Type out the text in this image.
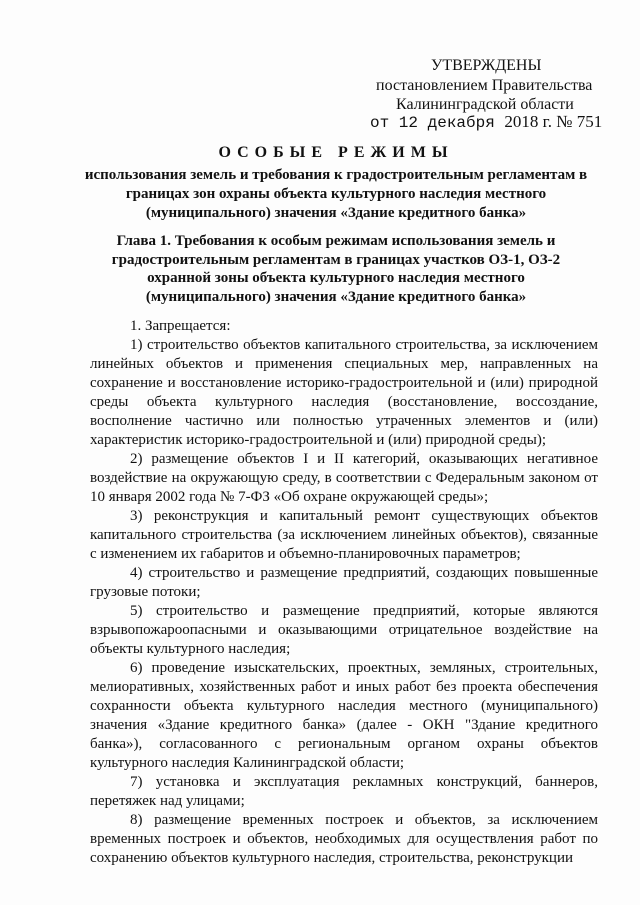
УТВЕРЖДЕНЫ
постановлением Правительства
Калининградской области
от 12 декабря 2018 г. № 751

ОСОБЫЕ РЕЖИМЫ

использования земель и требования к градостроительным регламентам в границах зон охраны объекта культурного наследия местного (муниципального) значения «Здание кредитного банка»

Глава 1. Требования к особым режимам использования земель и градостроительным регламентам в границах участков ОЗ-1, ОЗ-2 охранной зоны объекта культурного наследия местного (муниципального) значения «Здание кредитного банка»

1. Запрещается:

1) строительство объектов капитального строительства, за исключением линейных объектов и применения специальных мер, направленных на сохранение и восстановление историко-градостроительной и (или) природной среды объекта культурного наследия (восстановление, воссоздание, восполнение частично или полностью утраченных элементов и (или) характеристик историко-градостроительной и (или) природной среды);

2) размещение объектов I и II категорий, оказывающих негативное воздействие на окружающую среду, в соответствии с Федеральным законом от 10 января 2002 года № 7-ФЗ «Об охране окружающей среды»;

3) реконструкция и капитальный ремонт существующих объектов капитального строительства (за исключением линейных объектов), связанные с изменением их габаритов и объемно-планировочных параметров;

4) строительство и размещение предприятий, создающих повышенные грузовые потоки;

5) строительство и размещение предприятий, которые являются взрывопожароопасными и оказывающими отрицательное воздействие на объекты культурного наследия;

6) проведение изыскательских, проектных, земляных, строительных, мелиоративных, хозяйственных работ и иных работ без проекта обеспечения сохранности объекта культурного наследия местного (муниципального) значения «Здание кредитного банка» (далее - ОКН "Здание кредитного банка»), согласованного с региональным органом охраны объектов культурного наследия Калининградской области;

7) установка и эксплуатация рекламных конструкций, баннеров, перетяжек над улицами;

8) размещение временных построек и объектов, за исключением временных построек и объектов, необходимых для осуществления работ по сохранению объектов культурного наследия, строительства, реконструкции
